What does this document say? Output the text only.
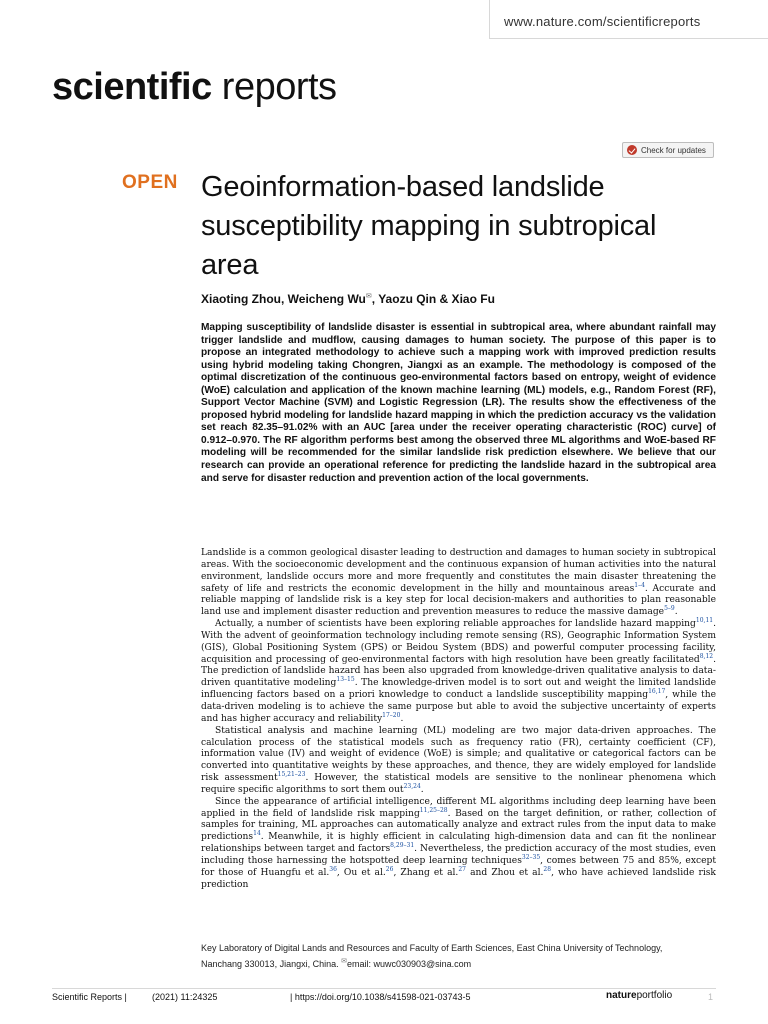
www.nature.com/scientificreports
scientific reports
Check for updates
OPEN Geoinformation-based landslide susceptibility mapping in subtropical area
Xiaoting Zhou, Weicheng Wu✉, Yaozu Qin & Xiao Fu

Mapping susceptibility of landslide disaster is essential in subtropical area, where abundant rainfall may trigger landslide and mudflow, causing damages to human society. The purpose of this paper is to propose an integrated methodology to achieve such a mapping work with improved prediction results using hybrid modeling taking Chongren, Jiangxi as an example. The methodology is composed of the optimal discretization of the continuous geo-environmental factors based on entropy, weight of evidence (WoE) calculation and application of the known machine learning (ML) models, e.g., Random Forest (RF), Support Vector Machine (SVM) and Logistic Regression (LR). The results show the effectiveness of the proposed hybrid modeling for landslide hazard mapping in which the prediction accuracy vs the validation set reach 82.35–91.02% with an AUC [area under the receiver operating characteristic (ROC) curve] of 0.912–0.970. The RF algorithm performs best among the observed three ML algorithms and WoE-based RF modeling will be recommended for the similar landslide risk prediction elsewhere. We believe that our research can provide an operational reference for predicting the landslide hazard in the subtropical area and serve for disaster reduction and prevention action of the local governments.

Landslide is a common geological disaster leading to destruction and damages to human society in subtropical areas. With the socioeconomic development and the continuous expansion of human activities into the natural environment, landslide occurs more and more frequently and constitutes the main disaster threatening the safety of life and restricts the economic development in the hilly and mountainous areas$^{1-4}$. Accurate and reliable mapping of landslide risk is a key step for local decision-makers and authorities to plan reasonable land use and implement disaster reduction and prevention measures to reduce the massive damage$^{5-9}$.

Actually, a number of scientists have been exploring reliable approaches for landslide hazard mapping$^{10,11}$. With the advent of geoinformation technology including remote sensing (RS), Geographic Information System (GIS), Global Positioning System (GPS) or Beidou System (BDS) and powerful computer processing facility, acquisition and processing of geo-environmental factors with high resolution have been greatly facilitated$^{8,12}$. The prediction of landslide hazard has been also upgraded from knowledge-driven qualitative analysis to data-driven quantitative modeling$^{13-15}$. The knowledge-driven model is to sort out and weight the limited landslide influencing factors based on a priori knowledge to conduct a landslide susceptibility mapping$^{16,17}$, while the data-driven modeling is to achieve the same purpose but able to avoid the subjective uncertainty of experts and has higher accuracy and reliability$^{17-20}$.

Statistical analysis and machine learning (ML) modeling are two major data-driven approaches. The calculation process of the statistical models such as frequency ratio (FR), certainty coefficient (CF), information value (IV) and weight of evidence (WoE) is simple; and qualitative or categorical factors can be converted into quantitative weights by these approaches, and thence, they are widely employed for landslide risk assessment$^{15,21-23}$. However, the statistical models are sensitive to the nonlinear phenomena which require specific algorithms to sort them out$^{23,24}$.

Since the appearance of artificial intelligence, different ML algorithms including deep learning have been applied in the field of landslide risk mapping$^{11,25-28}$. Based on the target definition, or rather, collection of samples for training, ML approaches can automatically analyze and extract rules from the input data to make predictions$^{14}$. Meanwhile, it is highly efficient in calculating high-dimension data and can fit the nonlinear relationships between target and factors$^{8,29-31}$. Nevertheless, the prediction accuracy of the most studies, even including those harnessing the hotspotted deep learning techniques$^{32-35}$, comes between 75 and 85%, except for those of Huangfu et al.$^{36}$, Ou et al.$^{26}$, Zhang et al.$^{27}$ and Zhou et al.$^{28}$, who have achieved landslide risk prediction

Key Laboratory of Digital Lands and Resources and Faculty of Earth Sciences, East China University of Technology,
Nanchang 330013, Jiangxi, China. ✉email: wuwc030903@sina.com
Scientific Reports |	(2021) 11:24325	| https://doi.org/10.1038/s41598-021-03743-5	natureportfolio	1
